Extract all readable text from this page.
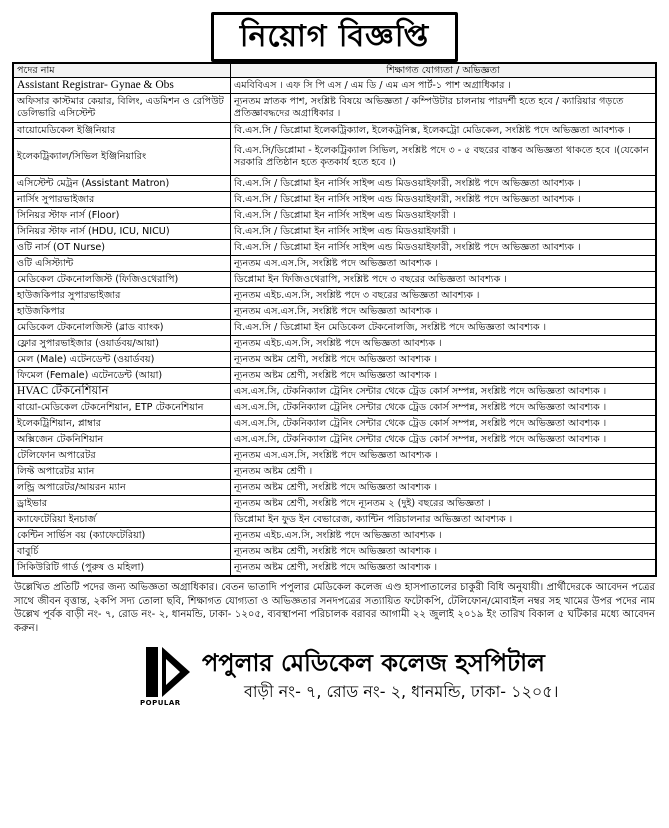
নিয়োগ বিজ্ঞপ্তি
পদের নাম	শিক্ষাগত যোগ্যতা / অভিজ্ঞতা
Assistant Registrar- Gynae & Obs	এমবিবিএস । এফ সি পি এস / এম ডি / এম এস পার্ট-১ পাশ অগ্রাধিকার ।
অফিসার কাস্টমার কেয়ার, বিলিং, এডমিশন ও রেপিউট ডেলিভারি এসিস্টেন্ট	ন্যূনতম স্নাতক পাশ, সংশ্লিষ্ট বিষয়ে অভিজ্ঞতা / কম্পিউটার চালনায় পারদর্শী হতে হবে / ক্যারিয়ার গড়তে প্রতিজ্ঞাবদ্ধদের অগ্রাধিকার ।
বায়োমেডিকেল ইঞ্জিনিয়ার	বি.এস.সি / ডিপ্লোমা ইলেকট্রিক্যাল, ইলেকট্রনিক্স, ইলেকট্রো মেডিকেল, সংশ্লিষ্ট পদে অভিজ্ঞতা আবশ্যক ।
ইলেকট্রিক্যাল/সিভিল ইঞ্জিনিয়ারিং	বি.এস.সি/ডিপ্লোমা - ইলেকট্রিক্যাল সিভিল, সংশ্লিষ্ট পদে ৩ - ৫ বছরের বাস্তব অভিজ্ঞতা থাকতে হবে ।(যেকোন সরকারি প্রতিষ্ঠান হতে কৃতকার্য হতে হবে ।)
এসিস্টেন্ট মেট্রন (Assistant Matron)	বি.এস.সি / ডিপ্লোমা ইন নার্সিং সাইন্স এন্ড মিডওয়াইফারী, সংশ্লিষ্ট পদে অভিজ্ঞতা আবশ্যক ।
নার্সিং সুপারভাইজার	বি.এস.সি / ডিপ্লোমা ইন নার্সিং সাইন্স এন্ড মিডওয়াইফারী, সংশ্লিষ্ট পদে অভিজ্ঞতা আবশ্যক ।
সিনিয়র স্টাফ নার্স (Floor)	বি.এস.সি / ডিপ্লোমা ইন নার্সিং সাইন্স এন্ড মিডওয়াইফারী ।
সিনিয়র স্টাফ নার্স (HDU, ICU, NICU)	বি.এস.সি / ডিপ্লোমা ইন নার্সিং সাইন্স এন্ড মিডওয়াইফারী ।
ওটি নার্স (OT Nurse)	বি.এস.সি / ডিপ্লোমা ইন নার্সিং সাইন্স এন্ড মিডওয়াইফারী, সংশ্লিষ্ট পদে অভিজ্ঞতা আবশ্যক ।
ওটি এসিস্ট্যান্ট	ন্যূনতম এস.এস.সি, সংশ্লিষ্ট পদে অভিজ্ঞতা আবশ্যক ।
মেডিকেল টেকনোলজিস্ট (ফিজিওথেরাপি)	ডিপ্লোমা ইন ফিজিওথেরাপি, সংশ্লিষ্ট পদে ৩ বছরের অভিজ্ঞতা আবশ্যক ।
হাউজকিপার সুপারভাইজার	ন্যূনতম এইচ.এস.সি, সংশ্লিষ্ট পদে ৩ বছরের অভিজ্ঞতা আবশ্যক ।
হাউজকিপার	ন্যূনতম এস.এস.সি, সংশ্লিষ্ট পদে অভিজ্ঞতা আবশ্যক ।
মেডিকেল টেকনোলজিস্ট (ব্লাড ব্যাংক)	বি.এস.সি / ডিপ্লোমা ইন মেডিকেল টেকনোলজি, সংশ্লিষ্ট পদে অভিজ্ঞতা আবশ্যক ।
ফ্লোর সুপারভাইজার (ওয়ার্ডবয়/আয়া)	ন্যূনতম এইচ.এস.সি, সংশ্লিষ্ট পদে অভিজ্ঞতা আবশ্যক ।
মেল (Male) এটেনডেন্ট (ওয়ার্ডবয়)	ন্যূনতম অষ্টম শ্রেণী, সংশ্লিষ্ট পদে অভিজ্ঞতা আবশ্যক ।
ফিমেল (Female) এটেনডেন্ট (আয়া)	ন্যূনতম অষ্টম শ্রেণী, সংশ্লিষ্ট পদে অভিজ্ঞতা আবশ্যক ।
HVAC টেকনেশিয়ান	এস.এস.সি, টেকনিক্যাল ট্রেনিং সেন্টার থেকে ট্রেড কোর্স সম্পন্ন, সংশ্লিষ্ট পদে অভিজ্ঞতা আবশ্যক ।
বায়ো-মেডিকেল টেকনেশিয়ান, ETP টেকনেশিয়ান	এস.এস.সি, টেকনিক্যাল ট্রেনিং সেন্টার থেকে ট্রেড কোর্স সম্পন্ন, সংশ্লিষ্ট পদে অভিজ্ঞতা আবশ্যক ।
ইলেকট্রিশিয়ান, প্লাম্বার	এস.এস.সি, টেকনিক্যাল ট্রেনিং সেন্টার থেকে ট্রেড কোর্স সম্পন্ন, সংশ্লিষ্ট পদে অভিজ্ঞতা আবশ্যক ।
অক্সিজেন টেকনিশিয়ান	এস.এস.সি, টেকনিক্যাল ট্রেনিং সেন্টার থেকে ট্রেড কোর্স সম্পন্ন, সংশ্লিষ্ট পদে অভিজ্ঞতা আবশ্যক ।
টেলিফোন অপারেটর	ন্যূনতম এস.এস.সি, সংশ্লিষ্ট পদে অভিজ্ঞতা আবশ্যক ।
লিফ্ট অপারেটর ম্যান	ন্যূনতম অষ্টম শ্রেণী ।
লন্ড্রি অপারেটর/আয়রন ম্যান	ন্যূনতম অষ্টম শ্রেণী, সংশ্লিষ্ট পদে অভিজ্ঞতা আবশ্যক ।
ড্রাইভার	ন্যূনতম অষ্টম শ্রেণী, সংশ্লিষ্ট পদে ন্যূনতম ২ (দুই) বছরের অভিজ্ঞতা ।
ক্যাফেটেরিয়া ইনচার্জ	ডিপ্লোমা ইন ফুড ইন বেভারেজ, ক্যান্টিন পরিচালনার অভিজ্ঞতা আবশ্যক ।
কেন্টিন সার্ভিস বয় (ক্যাফেটেরিয়া)	ন্যূনতম এইচ.এস.সি, সংশ্লিষ্ট পদে অভিজ্ঞতা আবশ্যক ।
বাবুর্চি	ন্যূনতম অষ্টম শ্রেণী, সংশ্লিষ্ট পদে অভিজ্ঞতা আবশ্যক ।
সিকিউরিটি গার্ড (পুরুষ ও মহিলা)	ন্যূনতম অষ্টম শ্রেণী, সংশ্লিষ্ট পদে অভিজ্ঞতা আবশ্যক ।
উল্লেখিত প্রতিটি পদের জন্য অভিজ্ঞতা অগ্রাধিকার। বেতন ভাতাদি পপুলার মেডিকেল কলেজ এণ্ড হাসপাতালের চাকুরী বিধি অনুযায়ী। প্রার্থীদেরকে আবেদন পত্রের সাথে জীবন বৃত্তান্ত, ২কপি সদ্য তোলা ছবি, শিক্ষাগত যোগ্যতা ও অভিজ্ঞতার সনদপত্রের সত্যায়িত ফটোকপি, টেলিফোন/মোবাইল নম্বর সহ খামের উপর পদের নাম উল্লেখ পূর্বক বাড়ী নং- ৭, রোড নং- ২, ধানমন্ডি, ঢাকা- ১২০৫, ব্যবস্থাপনা পরিচালক বরাবর আগামী ২২ জুলাই ২০১৯ ইং তারিখ বিকাল ৫ ঘটিকার মধ্যে আবেদন করুন।
POPULAR
পপুলার মেডিকেল কলেজ হসপিটাল
বাড়ী নং- ৭, রোড নং- ২, ধানমন্ডি, ঢাকা- ১২০৫।
